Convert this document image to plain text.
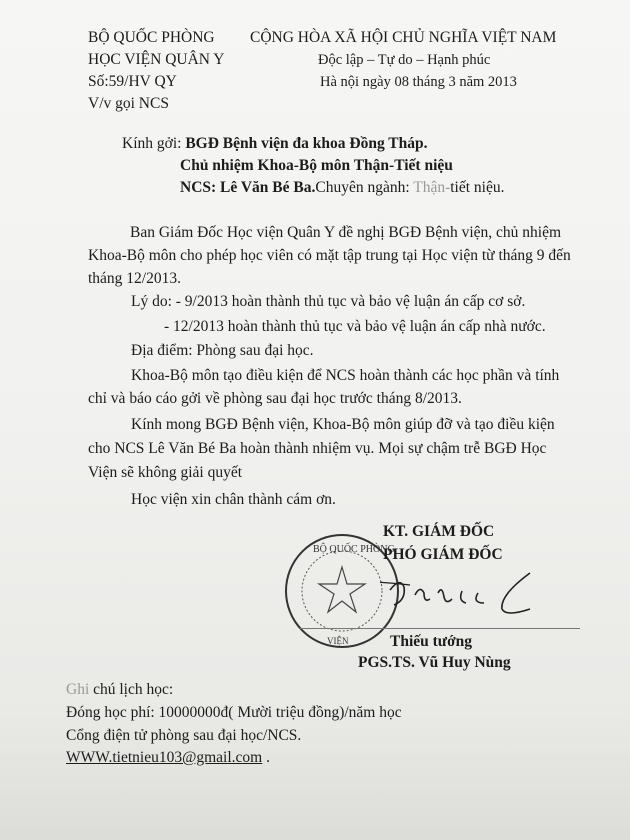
BỘ QUỐC PHÒNG
HỌC VIỆN QUÂN Y
Số:59/HV QY
V/v gọi NCS
CỘNG HÒA XÃ HỘI CHỦ NGHĨA VIỆT NAM
Độc lập – Tự do – Hạnh phúc
Hà nội ngày 08 tháng 3 năm 2013
Kính gởi: BGĐ Bệnh viện đa khoa Đồng Tháp.
Chủ nhiệm Khoa-Bộ môn Thận-Tiết niệu
NCS: Lê Văn Bé Ba.Chuyên ngành: Thận-tiết niệu.
Ban Giám Đốc Học viện Quân Y đề nghị BGĐ Bệnh viện, chủ nhiệm
Khoa-Bộ môn cho phép học viên có mặt tập trung tại Học viện từ tháng 9 đến
tháng 12/2013.
Lý do: - 9/2013 hoàn thành thủ tục và bảo vệ luận án cấp cơ sở.
- 12/2013 hoàn thành thủ tục và bảo vệ luận án cấp nhà nước.
Địa điểm: Phòng sau đại học.
Khoa-Bộ môn tạo điều kiện để NCS hoàn thành các học phần và tính
chỉ và báo cáo gởi về phòng sau đại học trước tháng 8/2013.
Kính mong BGĐ Bệnh viện, Khoa-Bộ môn giúp đỡ và tạo điều kiện
cho NCS Lê Văn Bé Ba hoàn thành nhiệm vụ. Mọi sự chậm trễ BGĐ Học
Viện sẽ không giải quyết
Học viện xin chân thành cám ơn.
BỘ QUỐC PHÒNG
VIỆN
KT. GIÁM ĐỐC
PHÓ GIÁM ĐỐC
Thiếu tướng
PGS.TS. Vũ Huy Nùng
Ghi chú lịch học:
Đóng học phí: 10000000đ( Mười triệu đồng)/năm học
Cổng điện tử phòng sau đại học/NCS.
WWW.tietnieu103@gmail.com .
